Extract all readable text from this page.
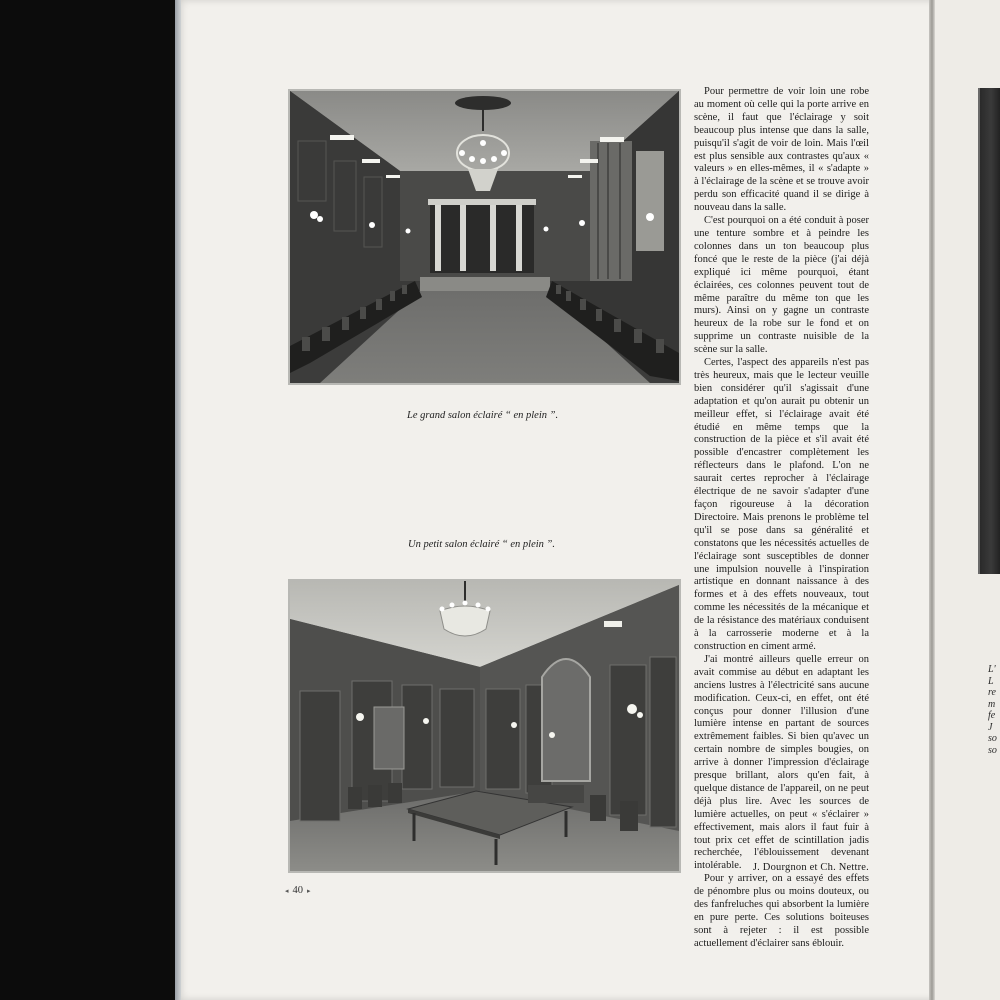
Le grand salon éclairé “ en plein ”.
Un petit salon éclairé “ en plein ”.

Pour permettre de voir loin une robe au moment où celle qui la porte arrive en scène, il faut que l'éclairage y soit beaucoup plus intense que dans la salle, puisqu'il s'agit de voir de loin. Mais l'œil est plus sensible aux contrastes qu'aux « valeurs » en elles-mêmes, il « s'adapte » à l'éclairage de la scène et se trouve avoir perdu son efficacité quand il se dirige à nouveau dans la salle.

C'est pourquoi on a été conduit à poser une tenture sombre et à peindre les colonnes dans un ton beaucoup plus foncé que le reste de la pièce (j'ai déjà expliqué ici même pourquoi, étant éclairées, ces colonnes peuvent tout de même paraître du même ton que les murs). Ainsi on y gagne un contraste heureux de la robe sur le fond et on supprime un contraste nuisible de la scène sur la salle.

Certes, l'aspect des appareils n'est pas très heureux, mais que le lecteur veuille bien considérer qu'il s'agissait d'une adaptation et qu'on aurait pu obtenir un meilleur effet, si l'éclairage avait été étudié en même temps que la construction de la pièce et s'il avait été possible d'encastrer complètement les réflecteurs dans le plafond. L'on ne saurait certes reprocher à l'éclairage électrique de ne savoir s'adapter d'une façon rigoureuse à la décoration Directoire. Mais prenons le problème tel qu'il se pose dans sa généralité et constatons que les nécessités actuelles de l'éclairage sont susceptibles de donner une impulsion nouvelle à l'inspiration artistique en donnant naissance à des formes et à des effets nouveaux, tout comme les nécessités de la mécanique et de la résistance des matériaux conduisent à la carrosserie moderne et à la construction en ciment armé.

J'ai montré ailleurs quelle erreur on avait commise au début en adaptant les anciens lustres à l'électricité sans aucune modification. Ceux-ci, en effet, ont été conçus pour donner l'illusion d'une lumière intense en partant de sources extrêmement faibles. Si bien qu'avec un certain nombre de simples bougies, on arrive à donner l'impression d'éclairage presque brillant, alors qu'en fait, à quelque distance de l'appareil, on ne peut déjà plus lire. Avec les sources de lumière actuelles, on peut « s'éclairer » effectivement, mais alors il faut fuir à tout prix cet effet de scintillation jadis recherchée, l'éblouissement devenant intolérable.

Pour y arriver, on a essayé des effets de pénombre plus ou moins douteux, ou des fanfreluches qui absorbent la lumière en pure perte. Ces solutions boiteuses sont à rejeter : il est possible actuellement d'éclairer sans éblouir.

J. Dourgnon et Ch. Nettre.
◂ 40 ▸
L'
L
re
m
fe
J
so
so
